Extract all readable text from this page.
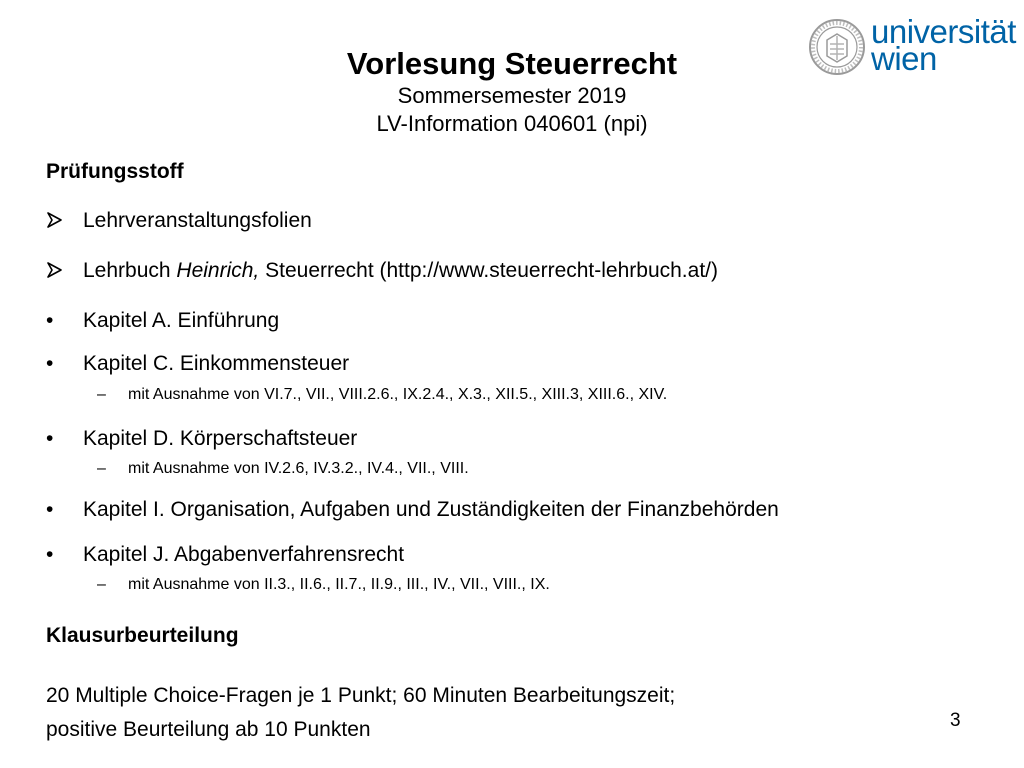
universität
wien
Vorlesung Steuerrecht

Sommersemester 2019

LV-Information 040601 (npi)

Prüfungsstoff
Lehrveranstaltungsfolien
Lehrbuch Heinrich, Steuerrecht (http://www.steuerrecht-lehrbuch.at/)
• Kapitel A. Einführung
• Kapitel C. Einkommensteuer
– mit Ausnahme von VI.7., VII., VIII.2.6., IX.2.4., X.3., XII.5., XIII.3, XIII.6., XIV.
• Kapitel D. Körperschaftsteuer
– mit Ausnahme von IV.2.6, IV.3.2., IV.4., VII., VIII.
• Kapitel I. Organisation, Aufgaben und Zuständigkeiten der Finanzbehörden
• Kapitel J. Abgabenverfahrensrecht
– mit Ausnahme von II.3., II.6., II.7., II.9., III., IV., VII., VIII., IX.
Klausurbeurteilung

20 Multiple Choice-Fragen je 1 Punkt; 60 Minuten Bearbeitungszeit;

positive Beurteilung ab 10 Punkten	3
